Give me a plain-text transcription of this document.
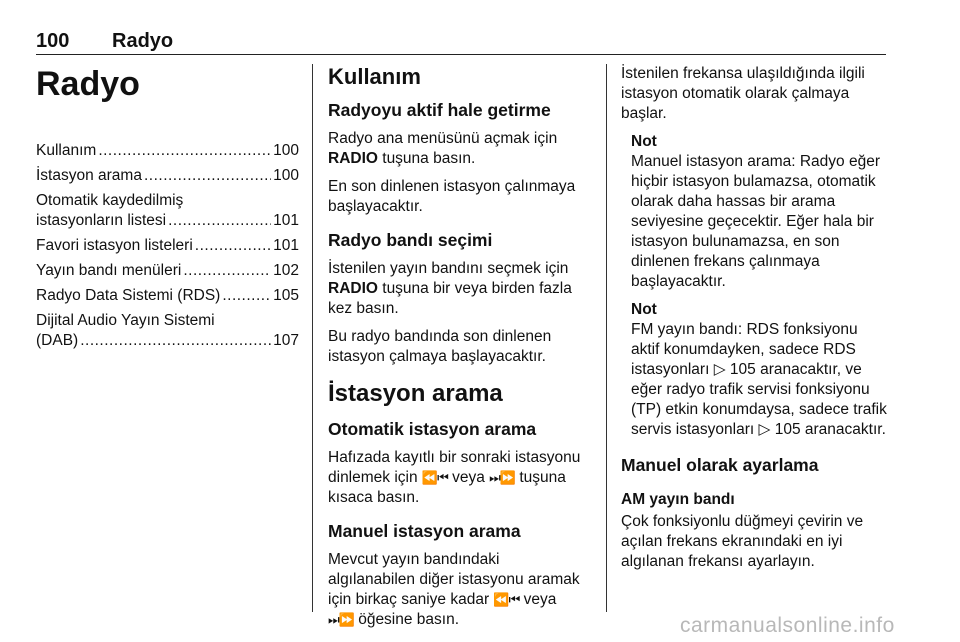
100 Radyo
Radyo
Kullanım .....	100
İstasyon arama .....	100
Otomatik kaydedilmiş
istasyonların listesi .....	101
Favori istasyon listeleri .....	101
Yayın bandı menüleri .....	102
Radyo Data Sistemi (RDS) .....	105
Dijital Audio Yayın Sistemi
(DAB) .....	107
Kullanım
Radyoyu aktif hale getirme

Radyo ana menüsünü açmak için
RADIO tuşuna basın.

En son dinlenen istasyon çalınmaya başlayacaktır.

Radyo bandı seçimi

İstenilen yayın bandını seçmek için
RADIO tuşuna bir veya birden fazla kez basın.

Bu radyo bandında son dinlenen istasyon çalmaya başlayacaktır.

İstasyon arama
Otomatik istasyon arama

Hafızada kayıtlı bir sonraki istasyonu dinlemek için ⏪⏮ veya ⏭⏩ tuşuna kısaca basın.

Manuel istasyon arama

Mevcut yayın bandındaki algılanabilen diğer istasyonu aramak için birkaç saniye kadar ⏪⏮ veya
⏭⏩ öğesine basın.

İstenilen frekansa ulaşıldığında ilgili istasyon otomatik olarak çalmaya başlar.

Not
Manuel istasyon arama: Radyo eğer hiçbir istasyon bulamazsa, otomatik olarak daha hassas bir arama seviyesine geçecektir. Eğer hala bir istasyon bulunamazsa, en son dinlenen frekans çalınmaya başlayacaktır.
Not
FM yayın bandı: RDS fonksiyonu aktif konumdayken, sadece RDS istasyonları ▷ 105 aranacaktır, ve eğer radyo trafik servisi fonksiyonu (TP) etkin konumdaysa, sadece trafik servis istasyonları ▷ 105 aranacaktır.
Manuel olarak ayarlama
AM yayın bandı

Çok fonksiyonlu düğmeyi çevirin ve açılan frekans ekranındaki en iyi algılanan frekansı ayarlayın.

carmanualsonline.info
